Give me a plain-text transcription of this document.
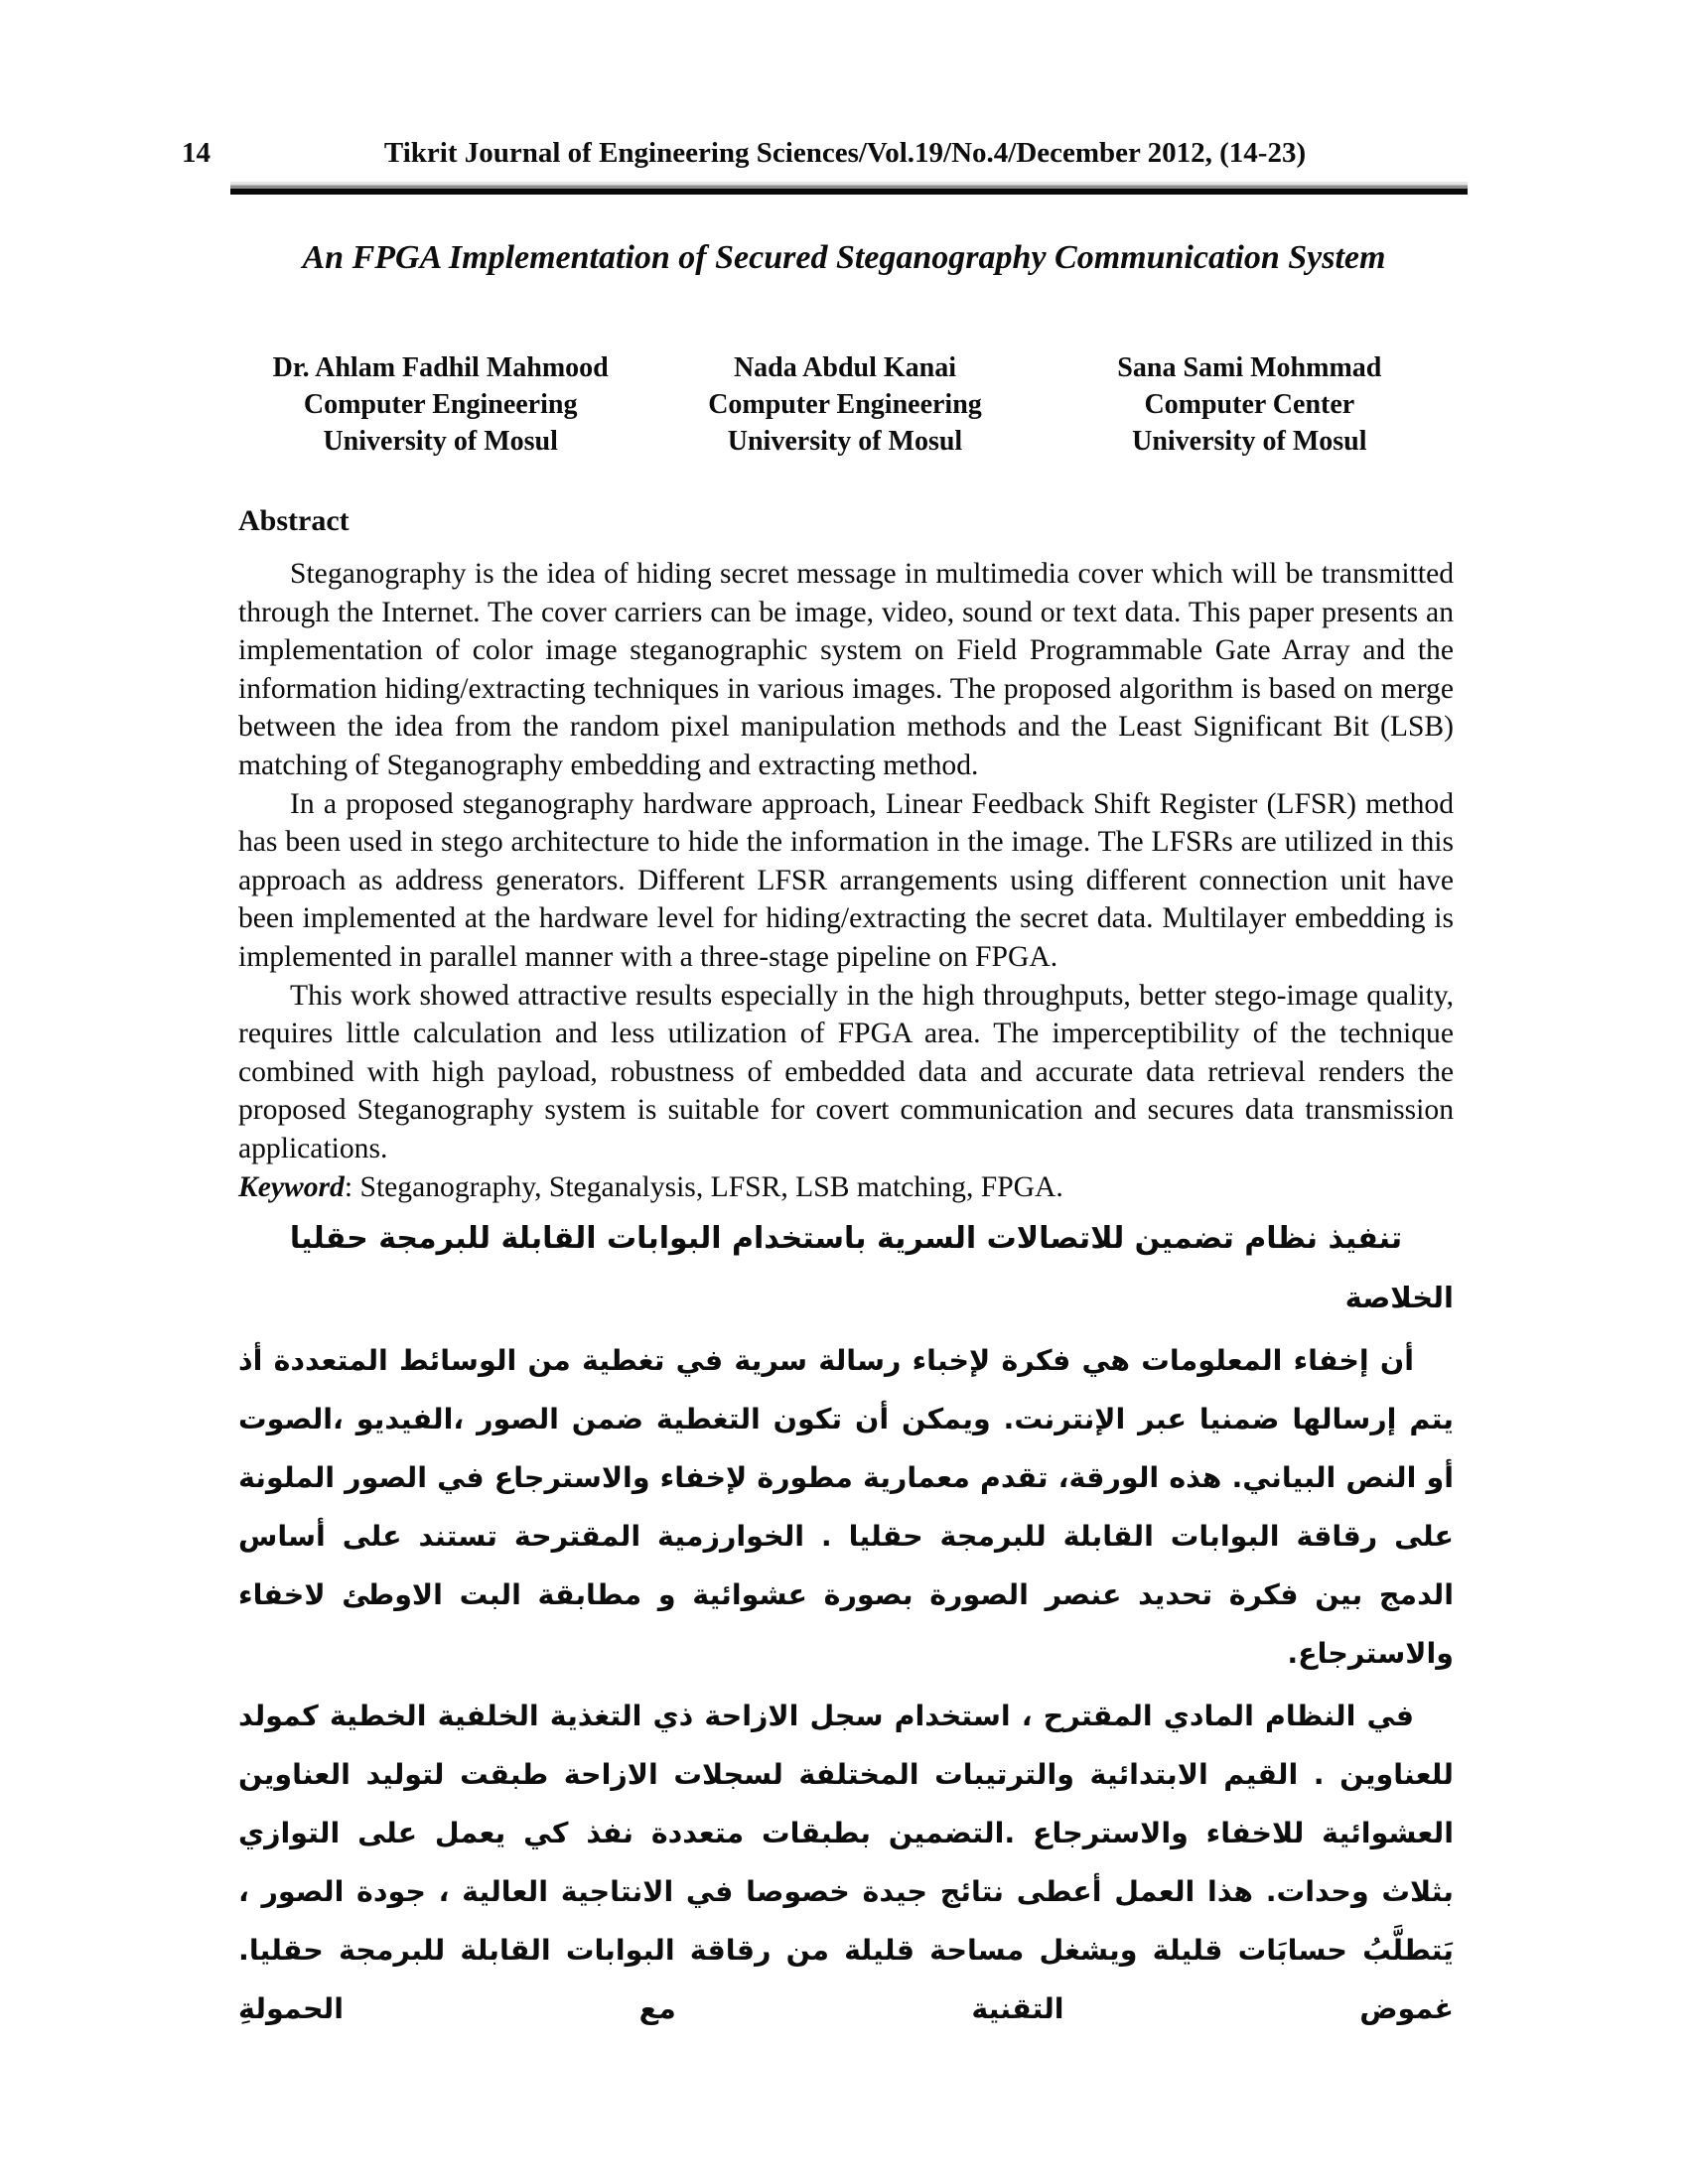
14	Tikrit Journal of Engineering Sciences/Vol.19/No.4/December 2012, (14-23)
An FPGA Implementation of Secured Steganography Communication System
Dr. Ahlam Fadhil Mahmood
Computer Engineering
University of Mosul
Nada Abdul Kanai
Computer Engineering
University of Mosul
Sana Sami Mohmmad
Computer Center
University of Mosul
Abstract

Steganography is the idea of hiding secret message in multimedia cover which will be transmitted through the Internet. The cover carriers can be image, video, sound or text data. This paper presents an implementation of color image steganographic system on Field Programmable Gate Array and the information hiding/extracting techniques in various images. The proposed algorithm is based on merge between the idea from the random pixel manipulation methods and the Least Significant Bit (LSB) matching of Steganography embedding and extracting method.

In a proposed steganography hardware approach, Linear Feedback Shift Register (LFSR) method has been used in stego architecture to hide the information in the image. The LFSRs are utilized in this approach as address generators. Different LFSR arrangements using different connection unit have been implemented at the hardware level for hiding/extracting the secret data. Multilayer embedding is implemented in parallel manner with a three-stage pipeline on FPGA.

This work showed attractive results especially in the high throughputs, better stego-image quality, requires little calculation and less utilization of FPGA area. The imperceptibility of the technique combined with high payload, robustness of embedded data and accurate data retrieval renders the proposed Steganography system is suitable for covert communication and secures data transmission applications.

Keyword: Steganography, Steganalysis, LFSR, LSB matching, FPGA.

تنفيذ نظام تضمين للاتصالات السرية باستخدام البوابات القابلة للبرمجة حقليا
الخلاصة

أن إخفاء المعلومات هي فكرة لإخباء رسالة سرية في تغطية من الوسائط المتعددة أذ يتم إرسالها ضمنيا عبر الإنترنت. ويمكن أن تكون التغطية ضمن الصور ،الفيديو ،الصوت أو النص البياني. هذه الورقة، تقدم معمارية مطورة لإخفاء والاسترجاع في الصور الملونة على رقاقة البوابات القابلة للبرمجة حقليا . الخوارزمية المقترحة تستند على أساس الدمج بين فكرة تحديد عنصر الصورة بصورة عشوائية و مطابقة البت الاوطئ لاخفاء والاسترجاع.

في النظام المادي المقترح ، استخدام سجل الازاحة ذي التغذية الخلفية الخطية كمولد للعناوين . القيم الابتدائية والترتيبات المختلفة لسجلات الازاحة طبقت لتوليد العناوين العشوائية للاخفاء والاسترجاع .التضمين بطبقات متعددة نفذ كي يعمل على التوازي بثلاث وحدات. هذا العمل أعطى نتائج جيدة خصوصا في الانتاجية العالية ، جودة الصور ، يَتطلَّبُ حسابَات قليلة ويشغل مساحة قليلة من رقاقة البوابات القابلة للبرمجة حقليا. غموض التقنية مع الحمولةِ
